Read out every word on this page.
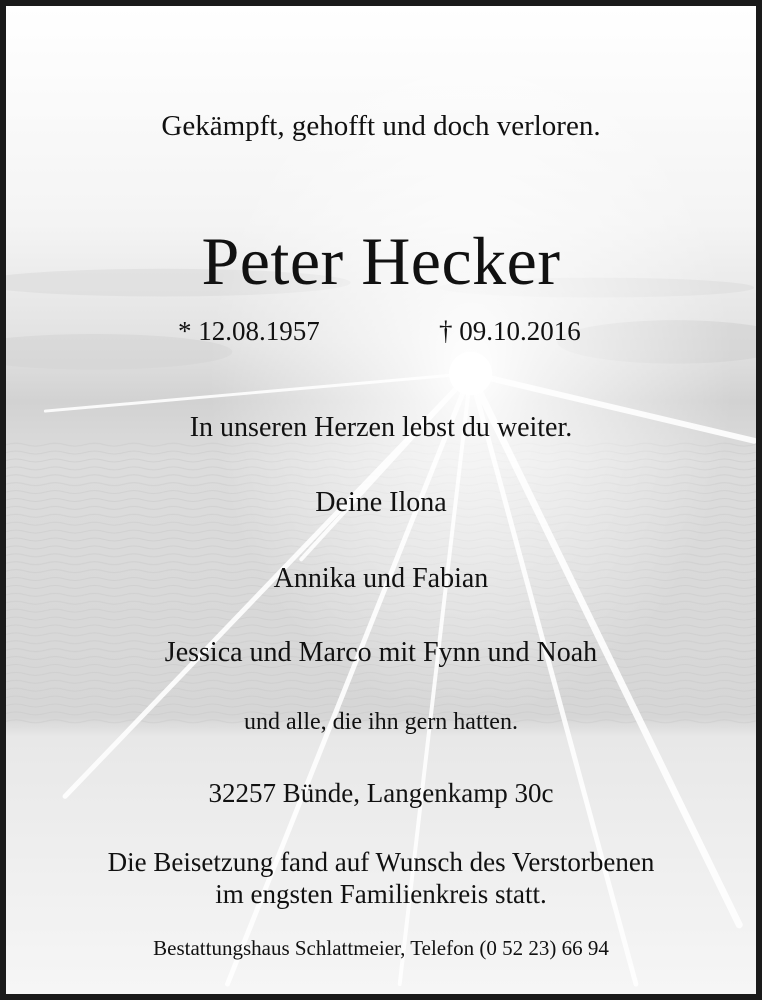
Gekämpft, gehofft und doch verloren.
Peter Hecker
* 12.08.1957	† 09.10.2016
In unseren Herzen lebst du weiter.
Deine Ilona
Annika und Fabian
Jessica und Marco mit Fynn und Noah
und alle, die ihn gern hatten.
32257 Bünde, Langenkamp 30c
Die Beisetzung fand auf Wunsch des Verstorbenen
im engsten Familienkreis statt.
Bestattungshaus Schlattmeier, Telefon (0 52 23) 66 94
